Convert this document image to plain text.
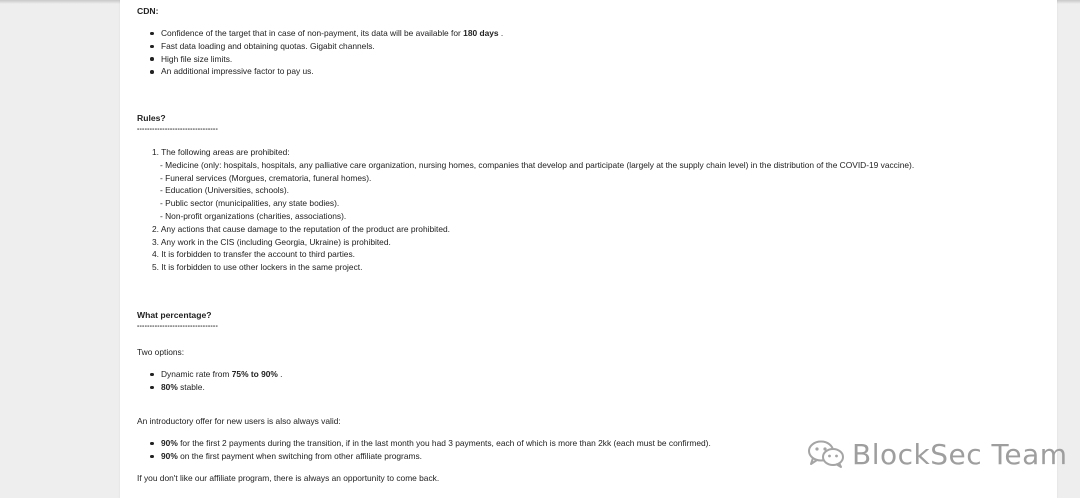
CDN:
Confidence of the target that in case of non-payment, its data will be available for 180 days .
Fast data loading and obtaining quotas. Gigabit channels.
High file size limits.
An additional impressive factor to pay us.
Rules?
--------------------------------
1. The following areas are prohibited:
- Medicine (only: hospitals, hospitals, any palliative care organization, nursing homes, companies that develop and participate (largely at the supply chain level) in the distribution of the COVID-19 vaccine).
- Funeral services (Morgues, crematoria, funeral homes).
- Education (Universities, schools).
- Public sector (municipalities, any state bodies).
- Non-profit organizations (charities, associations).
2. Any actions that cause damage to the reputation of the product are prohibited.
3. Any work in the CIS (including Georgia, Ukraine) is prohibited.
4. It is forbidden to transfer the account to third parties.
5. It is forbidden to use other lockers in the same project.
What percentage?
--------------------------------
Two options:
Dynamic rate from 75% to 90% .
80% stable.
An introductory offer for new users is also always valid:
90% for the first 2 payments during the transition, if in the last month you had 3 payments, each of which is more than 2kk (each must be confirmed).
90% on the first payment when switching from other affiliate programs.
If you don't like our affiliate program, there is always an opportunity to come back.
BlockSec Team
